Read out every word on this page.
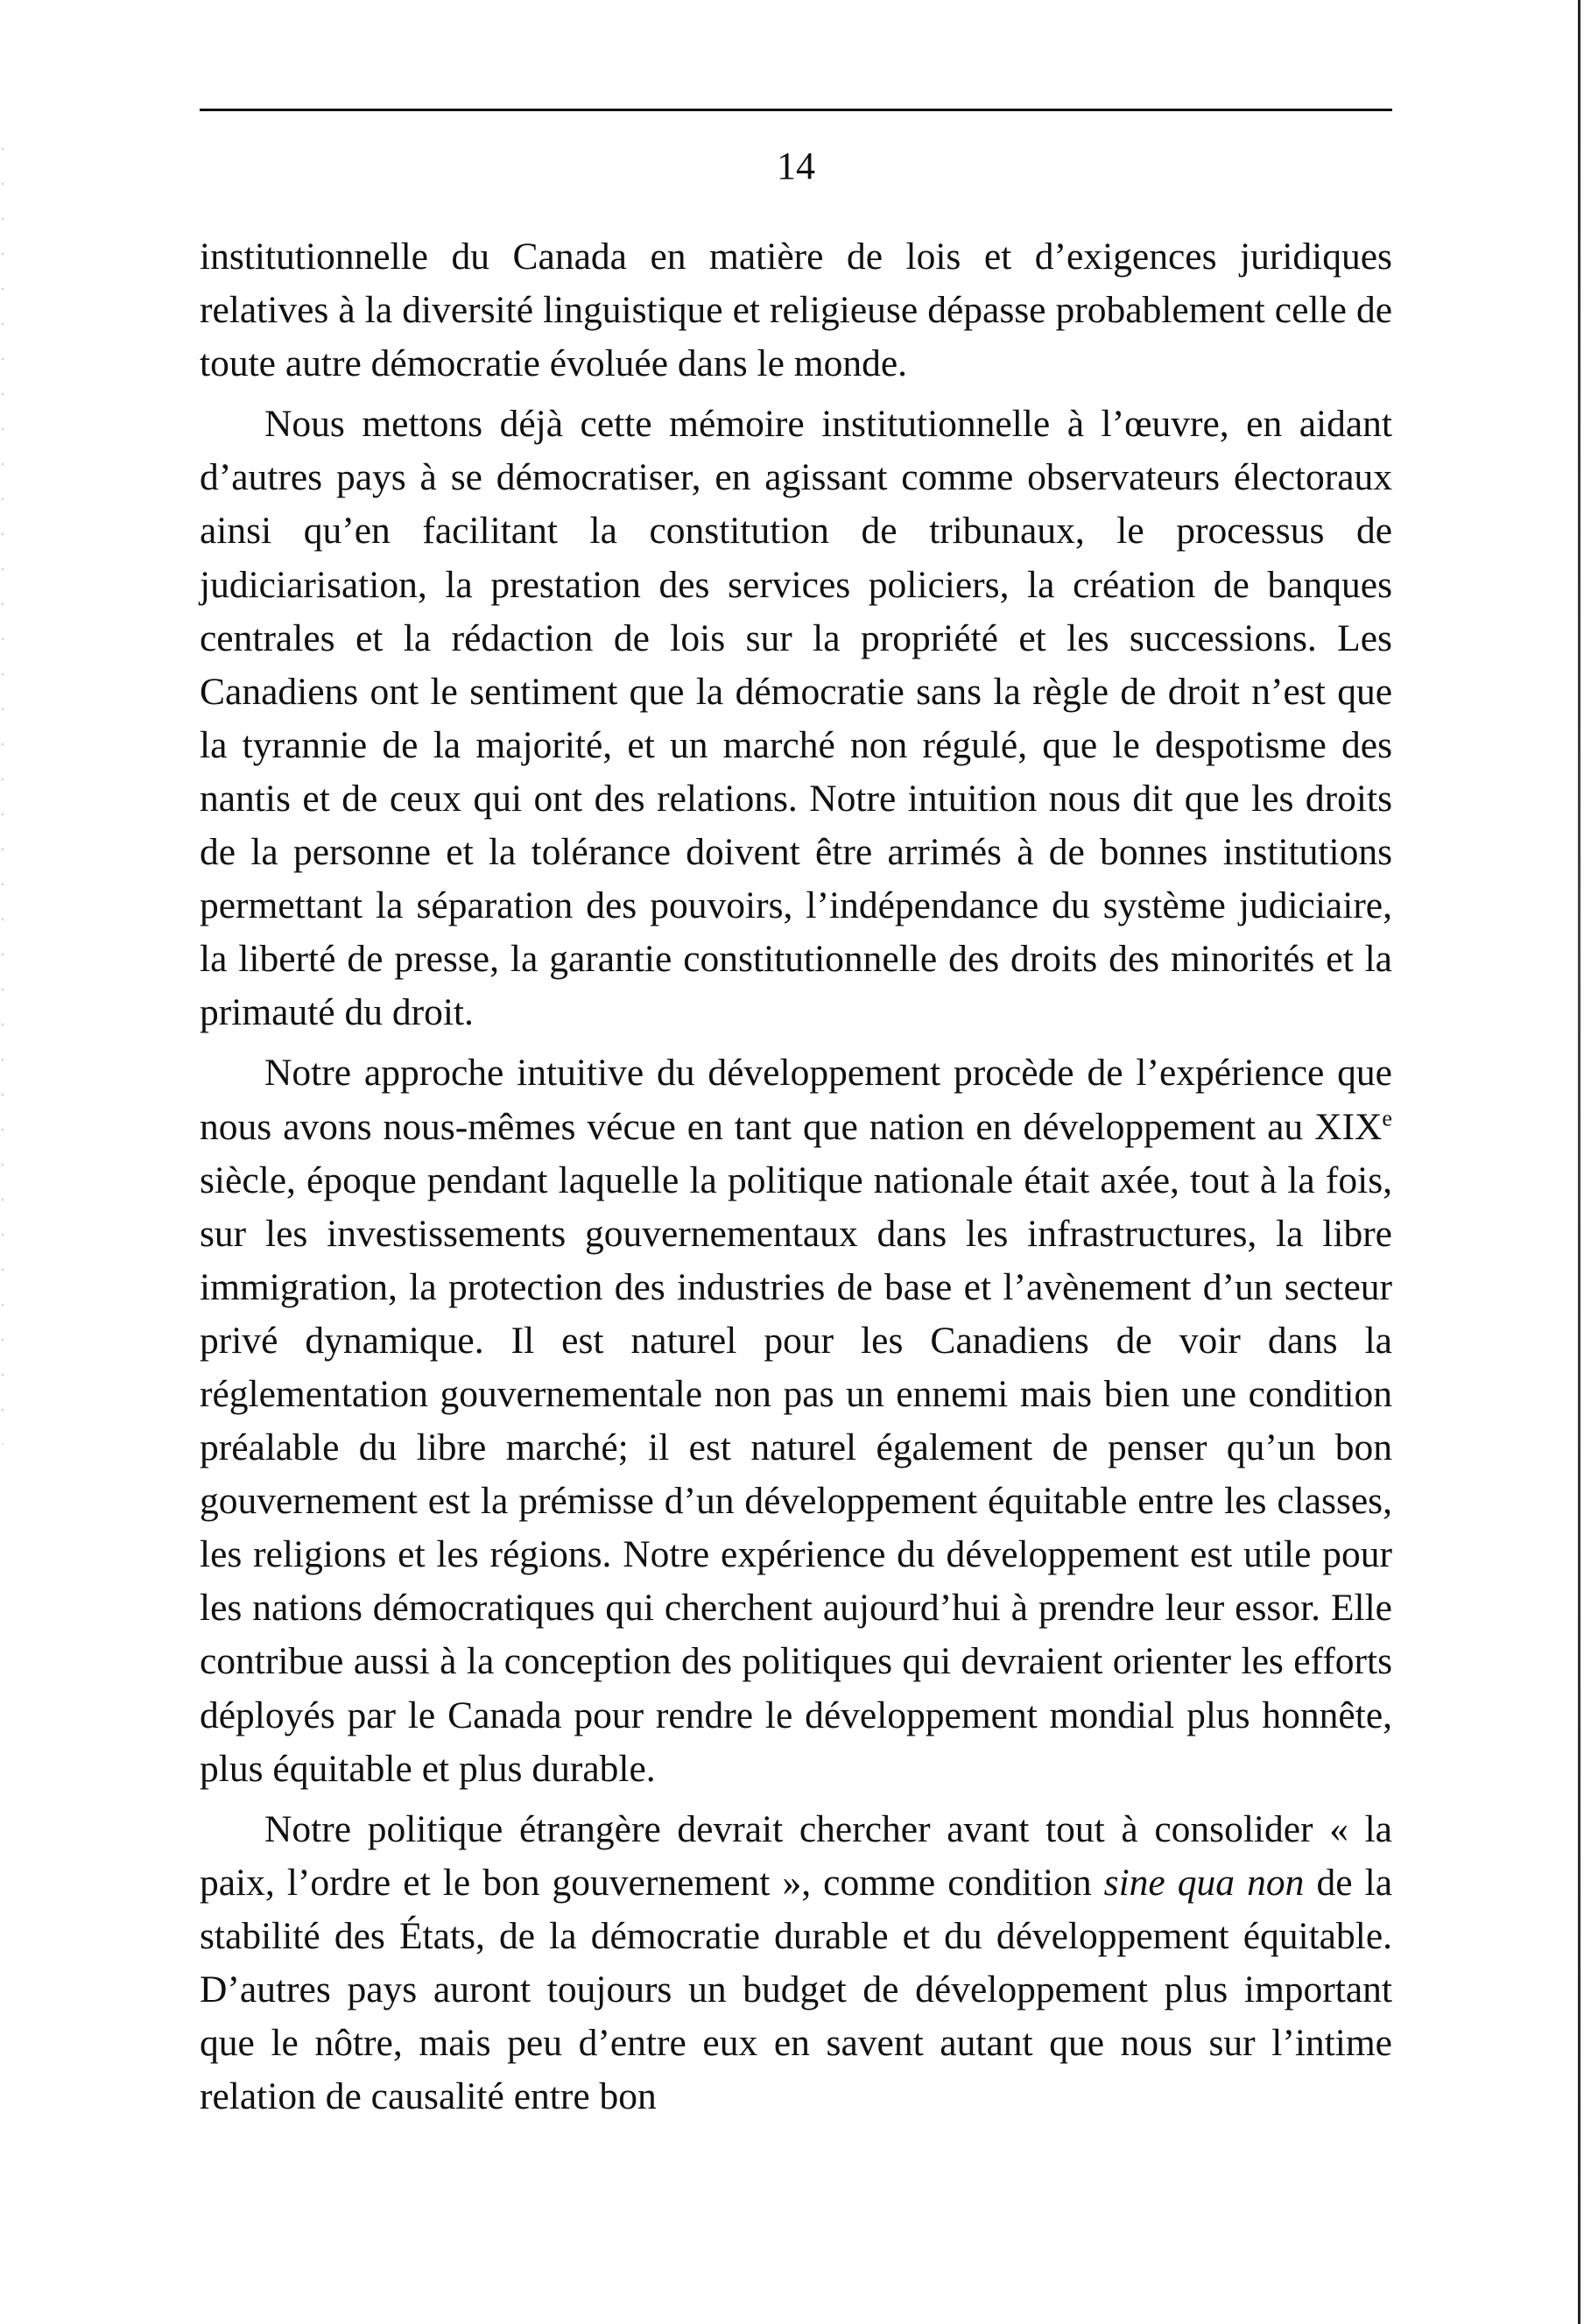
14

institutionnelle du Canada en matière de lois et d’exigences juridiques relatives à la diversité linguistique et religieuse dépasse probablement celle de toute autre démocratie évoluée dans le monde.

Nous mettons déjà cette mémoire institutionnelle à l’œuvre, en aidant d’autres pays à se démocratiser, en agissant comme observateurs électoraux ainsi qu’en facilitant la constitution de tribunaux, le processus de judiciarisation, la prestation des services policiers, la création de banques centrales et la rédaction de lois sur la propriété et les successions. Les Canadiens ont le sentiment que la démocratie sans la règle de droit n’est que la tyrannie de la majorité, et un marché non régulé, que le despotisme des nantis et de ceux qui ont des relations. Notre intuition nous dit que les droits de la personne et la tolérance doivent être arrimés à de bonnes institutions permettant la séparation des pouvoirs, l’indépendance du système judiciaire, la liberté de presse, la garantie constitutionnelle des droits des minorités et la primauté du droit.

Notre approche intuitive du développement procède de l’expérience que nous avons nous-mêmes vécue en tant que nation en développement au XIXe siècle, époque pendant laquelle la politique nationale était axée, tout à la fois, sur les investissements gouvernementaux dans les infrastructures, la libre immigration, la protection des industries de base et l’avènement d’un secteur privé dynamique. Il est naturel pour les Canadiens de voir dans la réglementation gouvernementale non pas un ennemi mais bien une condition préalable du libre marché; il est naturel également de penser qu’un bon gouvernement est la prémisse d’un développement équitable entre les classes, les religions et les régions. Notre expérience du développement est utile pour les nations démocratiques qui cherchent aujourd’hui à prendre leur essor. Elle contribue aussi à la conception des politiques qui devraient orienter les efforts déployés par le Canada pour rendre le développement mondial plus honnête, plus équitable et plus durable.

Notre politique étrangère devrait chercher avant tout à consolider « la paix, l’ordre et le bon gouvernement », comme condition sine qua non de la stabilité des États, de la démocratie durable et du développement équitable. D’autres pays auront toujours un budget de développement plus important que le nôtre, mais peu d’entre eux en savent autant que nous sur l’intime relation de causalité entre bon
